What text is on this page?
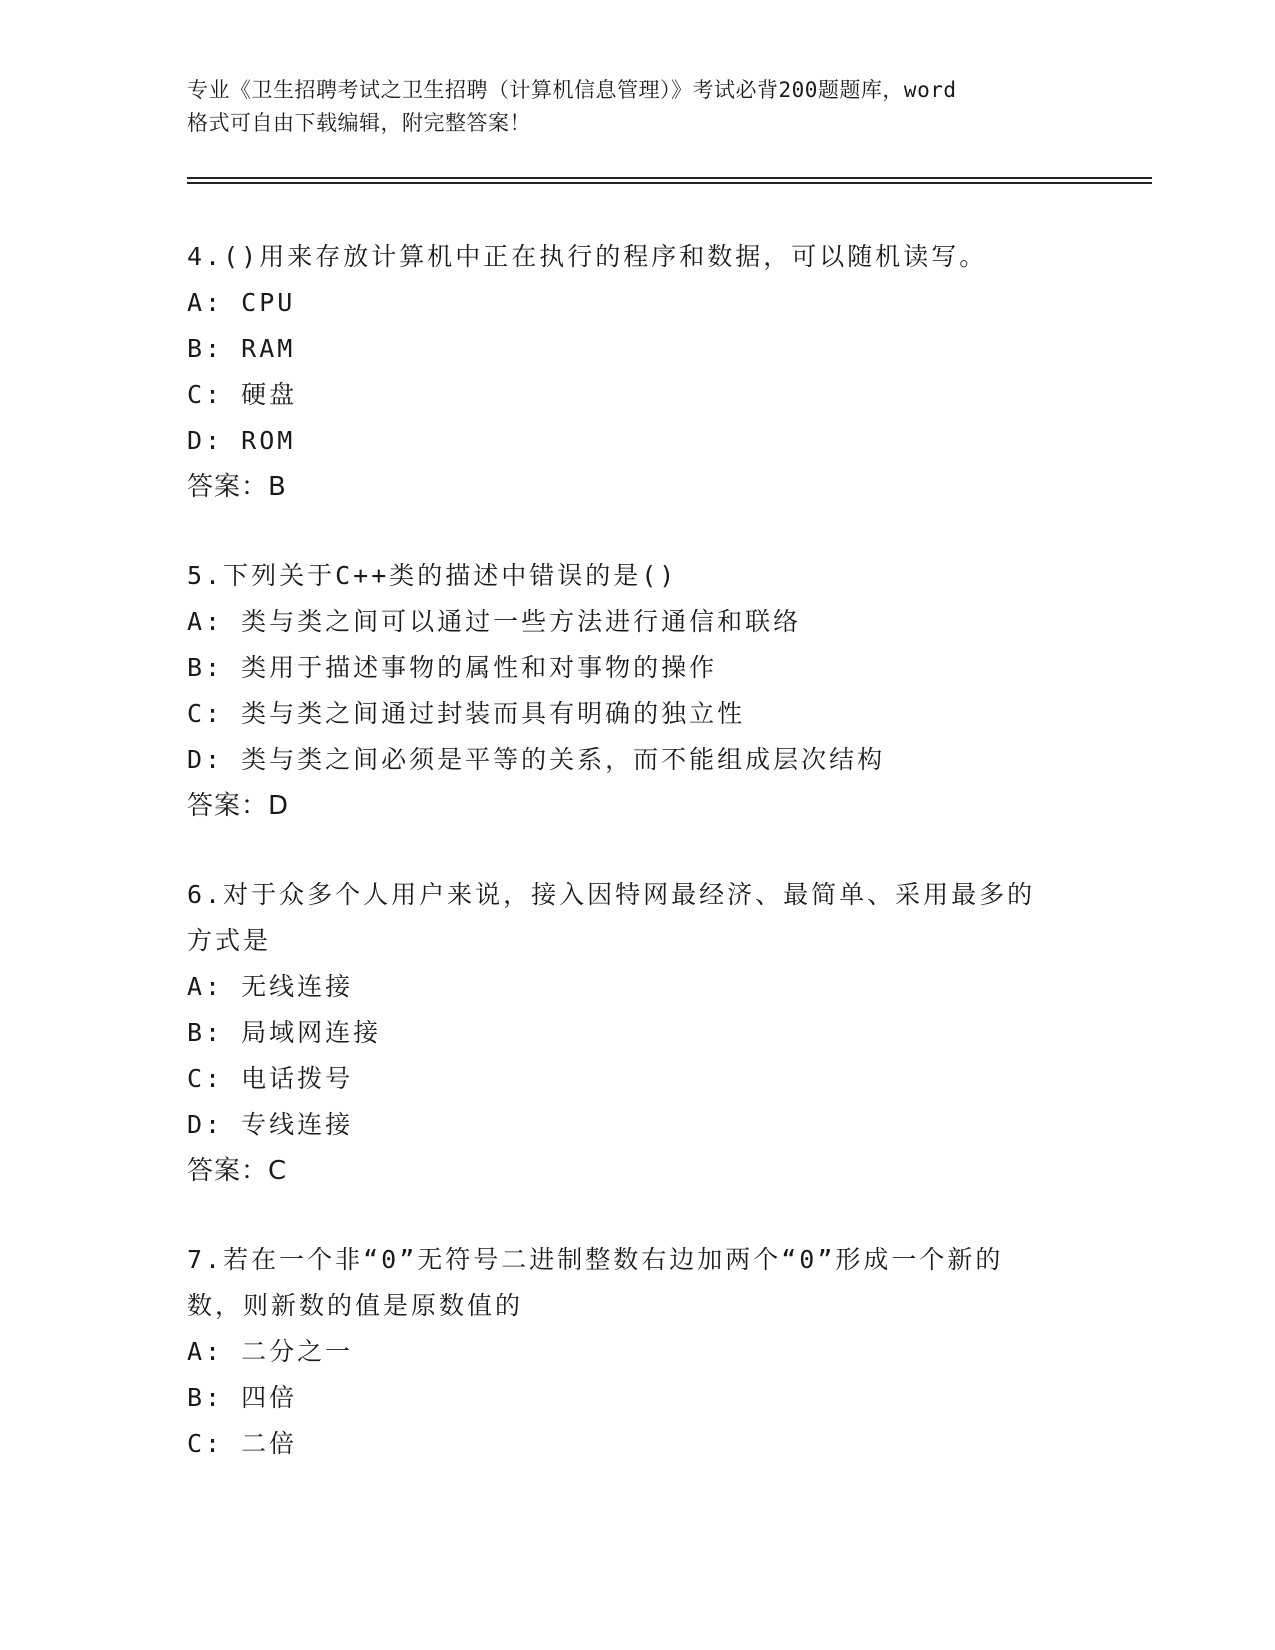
专业《卫生招聘考试之卫生招聘（计算机信息管理）》考试必背200题题库，word
格式可自由下载编辑，附完整答案！
4.()用来存放计算机中正在执行的程序和数据，可以随机读写。
A: CPU
B: RAM
C: 硬盘
D: ROM
答案：B
5.下列关于C++类的描述中错误的是()
A: 类与类之间可以通过一些方法进行通信和联络
B: 类用于描述事物的属性和对事物的操作
C: 类与类之间通过封装而具有明确的独立性
D: 类与类之间必须是平等的关系，而不能组成层次结构
答案：D
6.对于众多个人用户来说，接入因特网最经济、最简单、采用最多的
方式是
A: 无线连接
B: 局域网连接
C: 电话拨号
D: 专线连接
答案：C
7.若在一个非“0”无符号二进制整数右边加两个“0”形成一个新的
数，则新数的值是原数值的
A: 二分之一
B: 四倍
C: 二倍
